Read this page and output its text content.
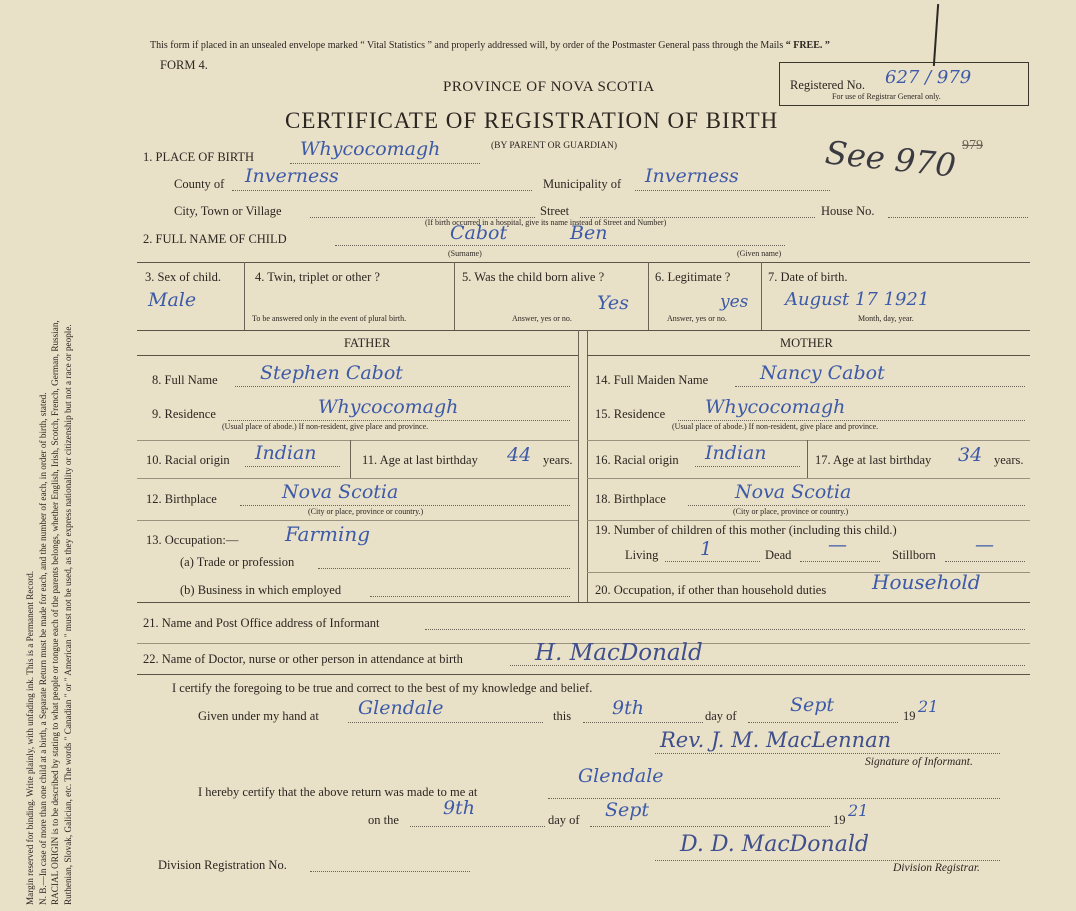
Margin reserved for binding. Write plainly, with unfading ink. This is a Permanent Record. N. B.—In case of more than one child at a birth, a Separate Return must be made for each, and the number of each, in order of birth, stated. RACIAL ORIGIN is to be described by stating to what people or tongue each of the parents belongs, whether English, Irish, Scotch, French, German, Russian, Ruthenian, Slovak, Galician, etc. The words " Canadian " or " American " must not be used, as they express nationality or citizenship but not a race or people.
This form if placed in an unsealed envelope marked “ Vital Statistics ” and properly addressed will, by order of the Postmaster General pass through the Mails “ FREE. ”
FORM 4.
PROVINCE OF NOVA SCOTIA
CERTIFICATE OF REGISTRATION OF BIRTH
(BY PARENT OR GUARDIAN)
Registered No. 627 / 979
For use of Registrar General only.
See 970 979
1. PLACE OF BIRTH Whycocomagh
County of Inverness	Municipality of Inverness
City, Town or Village	Street	House No.
(If birth occurred in a hospital, give its name instead of Street and Number)
2. FULL NAME OF CHILD	Cabot	Ben
(Surname)	(Given name)
3. Sex of child.
Male
4. Twin, triplet or other ?
To be answered only in the event of plural birth.
5. Was the child born alive ?
Yes
Answer, yes or no.
6. Legitimate ?
yes
Answer, yes or no.
7. Date of birth.
August 17 1921
Month, day, year.
FATHER	MOTHER
8. Full Name Stephen Cabot
9. Residence	Whycocomagh
(Usual place of abode.) If non-resident, give place and province.
10. Racial origin Indian	11. Age at last birthday 44 years.
12. Birthplace	Nova Scotia
(City or place, province or country.)
13. Occupation:— Farming
(a) Trade or profession
(b) Business in which employed
14. Full Maiden Name	Nancy Cabot
15. Residence Whycocomagh
(Usual place of abode.) If non-resident, give place and province.
16. Racial origin Indian	17. Age at last birthday 34 years.
18. Birthplace	Nova Scotia
(City or place, province or country.)
19. Number of children of this mother (including this child.)
Living 1	Dead —	Stillborn —
20. Occupation, if other than household duties Household
21. Name and Post Office address of Informant
22. Name of Doctor, nurse or other person in attendance at birth	H. MacDonald
I certify the foregoing to be true and correct to the best of my knowledge and belief.
Given under my hand at Glendale	this 9th	day of	Sept	19 21
Rev. J. M. MacLennan
Signature of Informant.
I hereby certify that the above return was made to me at
Glendale
on the
9th
day of Sept	19 21
Division Registration No.
D. D. MacDonald
Division Registrar.
